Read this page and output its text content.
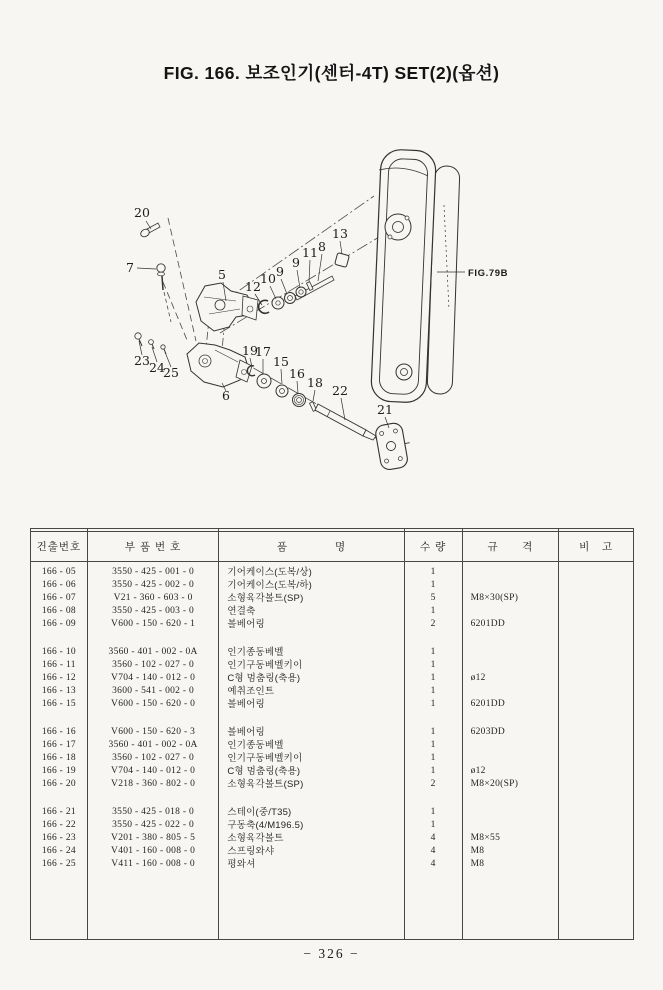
FIG. 166. 보조인기(센터-4T) SET(2)(옵션)
20
7
23 24
25
6
5
12
10 9
9
11 8
13
19
17
15
16
18
22
21
FIG.79B
건출번호
166 - 05
166 - 06
166 - 07
166 - 08
166 - 09
166 - 10
166 - 11
166 - 12
166 - 13
166 - 15
166 - 16
166 - 17
166 - 18
166 - 19
166 - 20
166 - 21
166 - 22
166 - 23
166 - 24
166 - 25
부 품 번 호
3550 - 425 - 001 - 0
3550 - 425 - 002 - 0
V21 - 360 - 603 - 0
3550 - 425 - 003 - 0
V600 - 150 - 620 - 1
3560 - 401 - 002 - 0A
3560 - 102 - 027 - 0
V704 - 140 - 012 - 0
3600 - 541 - 002 - 0
V600 - 150 - 620 - 0
V600 - 150 - 620 - 3
3560 - 401 - 002 - 0A
3560 - 102 - 027 - 0
V704 - 140 - 012 - 0
V218 - 360 - 802 - 0
3550 - 425 - 018 - 0
3550 - 425 - 022 - 0
V201 - 380 - 805 - 5
V401 - 160 - 008 - 0
V411 - 160 - 008 - 0
품            명
기어케이스(도복/상)
기어케이스(도복/하)
소형육각볼트(SP)
연결축
볼베어링
인기종동베벨
인기구동베벨키이
C형 멈춤링(축용)
예취조인트
볼베어링
볼베어링
인기종동베벨
인기구동베벨키이
C형 멈춤링(축용)
소형육각볼트(SP)
스테이(중/T35)
구동축(4/M196.5)
소형육각볼트
스프링와샤
평와셔
수 량
1
1
5
1
2
1
1
1
1
1
1
1
1
1
2
1
1
4
4
4
규      격
M8×30(SP)
6201DD
ø12
6201DD
6203DD
ø12
M8×20(SP)
M8×55
M8
M8
비   고
− 326 −
